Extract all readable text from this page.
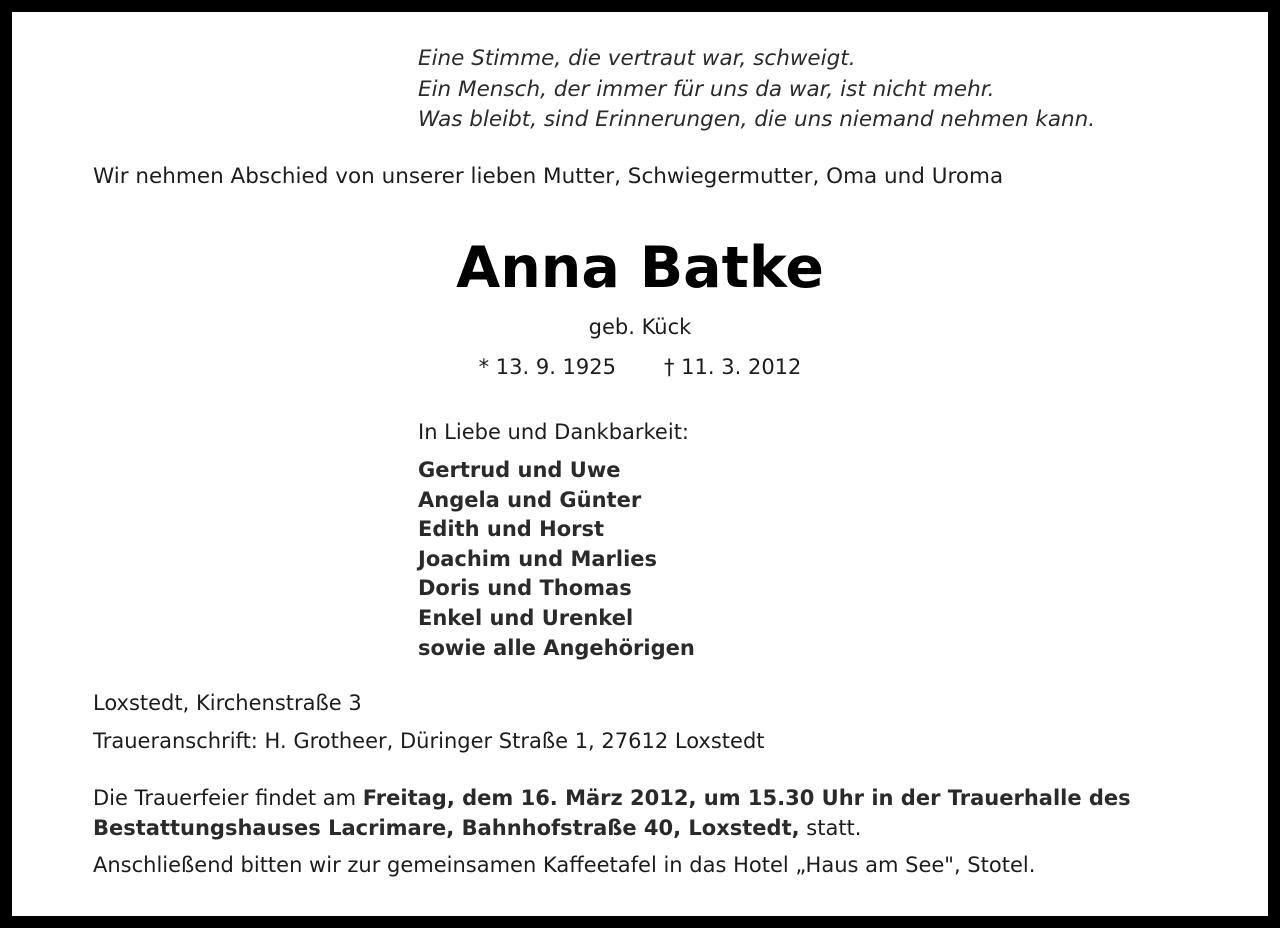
Eine Stimme, die vertraut war, schweigt.
Ein Mensch, der immer für uns da war, ist nicht mehr.
Was bleibt, sind Erinnerungen, die uns niemand nehmen kann.
Wir nehmen Abschied von unserer lieben Mutter, Schwiegermutter, Oma und Uroma
Anna Batke
geb. Kück
* 13. 9. 1925 † 11. 3. 2012
In Liebe und Dankbarkeit:
Gertrud und Uwe
Angela und Günter
Edith und Horst
Joachim und Marlies
Doris und Thomas
Enkel und Urenkel
sowie alle Angehörigen
Loxstedt, Kirchenstraße 3
Traueranschrift: H. Grotheer, Düringer Straße 1, 27612 Loxstedt
Die Trauerfeier findet am Freitag, dem 16. März 2012, um 15.30 Uhr in der Trauerhalle des Bestattungshauses Lacrimare, Bahnhofstraße 40, Loxstedt, statt.
Anschließend bitten wir zur gemeinsamen Kaffeetafel in das Hotel „Haus am See", Stotel.
